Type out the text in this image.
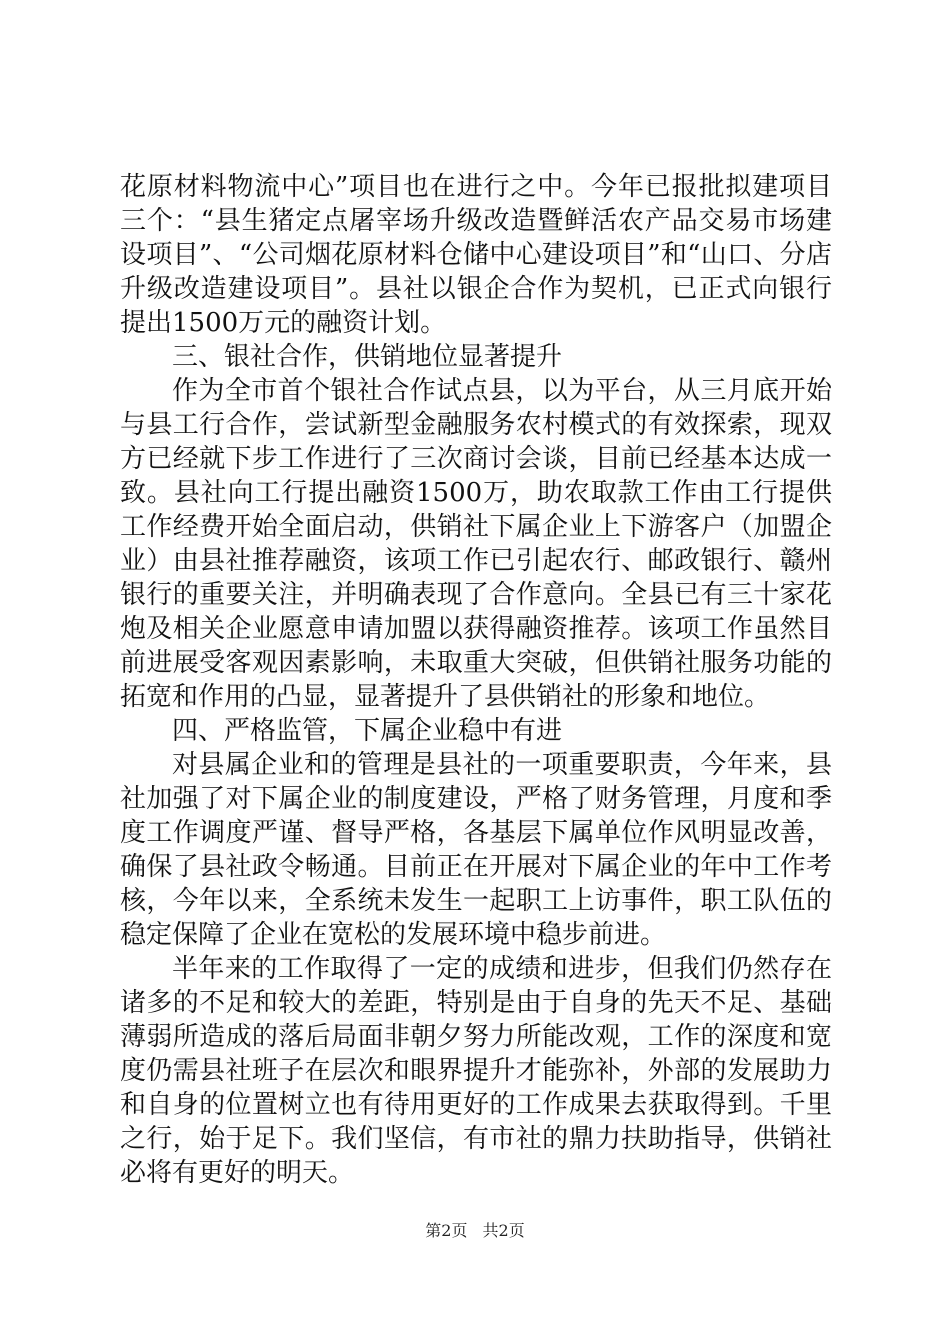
花原材料物流中心”项目也在进行之中。今年已报批拟建项目三个：“县生猪定点屠宰场升级改造暨鲜活农产品交易市场建设项目”、“公司烟花原材料仓储中心建设项目”和“山口、分店升级改造建设项目”。县社以银企合作为契机，已正式向银行提出1500万元的融资计划。

三、银社合作，供销地位显著提升

作为全市首个银社合作试点县，以为平台，从三月底开始与县工行合作，尝试新型金融服务农村模式的有效探索，现双方已经就下步工作进行了三次商讨会谈，目前已经基本达成一致。县社向工行提出融资1500万，助农取款工作由工行提供工作经费开始全面启动，供销社下属企业上下游客户（加盟企业）由县社推荐融资，该项工作已引起农行、邮政银行、赣州银行的重要关注，并明确表现了合作意向。全县已有三十家花炮及相关企业愿意申请加盟以获得融资推荐。该项工作虽然目前进展受客观因素影响，未取重大突破，但供销社服务功能的拓宽和作用的凸显，显著提升了县供销社的形象和地位。

四、严格监管，下属企业稳中有进

对县属企业和的管理是县社的一项重要职责，今年来，县社加强了对下属企业的制度建设，严格了财务管理，月度和季度工作调度严谨、督导严格，各基层下属单位作风明显改善，确保了县社政令畅通。目前正在开展对下属企业的年中工作考核，今年以来，全系统未发生一起职工上访事件，职工队伍的稳定保障了企业在宽松的发展环境中稳步前进。

半年来的工作取得了一定的成绩和进步，但我们仍然存在诸多的不足和较大的差距，特别是由于自身的先天不足、基础薄弱所造成的落后局面非朝夕努力所能改观，工作的深度和宽度仍需县社班子在层次和眼界提升才能弥补，外部的发展助力和自身的位置树立也有待用更好的工作成果去获取得到。千里之行，始于足下。我们坚信，有市社的鼎力扶助指导，供销社必将有更好的明天。

第2页 共2页
